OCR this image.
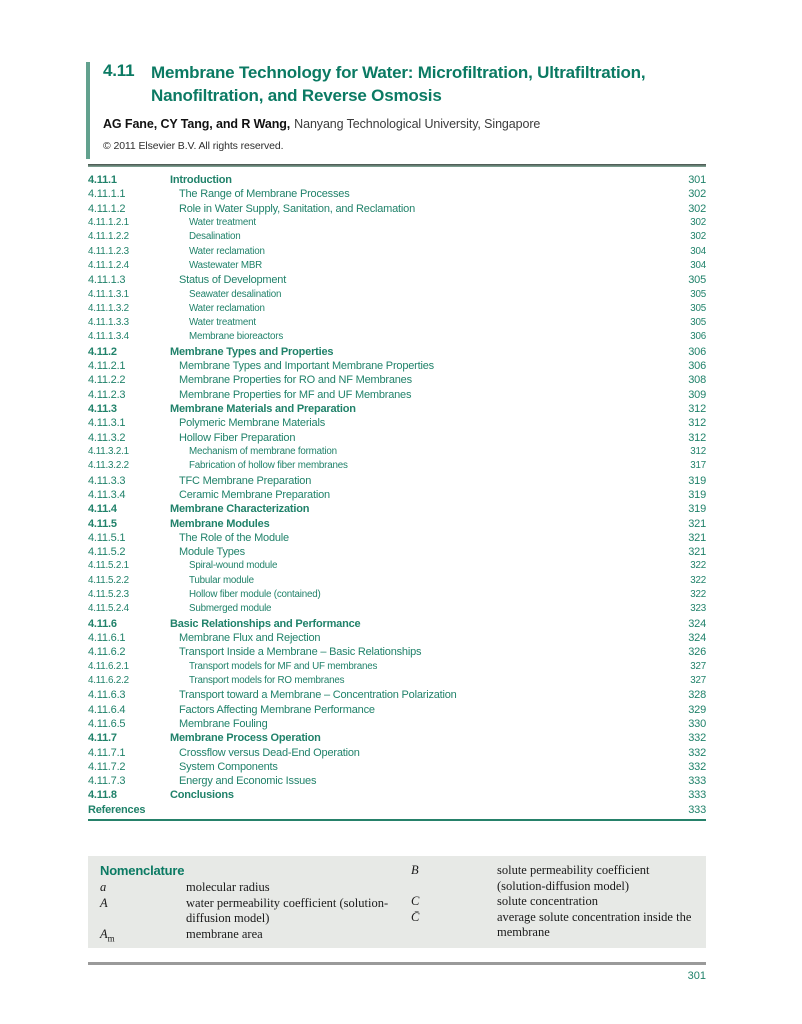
4.11 Membrane Technology for Water: Microfiltration, Ultrafiltration,
Nanofiltration, and Reverse Osmosis
AG Fane, CY Tang, and R Wang, Nanyang Technological University, Singapore
© 2011 Elsevier B.V. All rights reserved.
4.11.1	Introduction	301
4.11.1.1	The Range of Membrane Processes	302
4.11.1.2	Role in Water Supply, Sanitation, and Reclamation	302
4.11.1.2.1	Water treatment	302
4.11.1.2.2	Desalination	302
4.11.1.2.3	Water reclamation	304
4.11.1.2.4	Wastewater MBR	304
4.11.1.3	Status of Development	305
4.11.1.3.1	Seawater desalination	305
4.11.1.3.2	Water reclamation	305
4.11.1.3.3	Water treatment	305
4.11.1.3.4	Membrane bioreactors	306
4.11.2	Membrane Types and Properties	306
4.11.2.1	Membrane Types and Important Membrane Properties	306
4.11.2.2	Membrane Properties for RO and NF Membranes	308
4.11.2.3	Membrane Properties for MF and UF Membranes	309
4.11.3	Membrane Materials and Preparation	312
4.11.3.1	Polymeric Membrane Materials	312
4.11.3.2	Hollow Fiber Preparation	312
4.11.3.2.1	Mechanism of membrane formation	312
4.11.3.2.2	Fabrication of hollow fiber membranes	317
4.11.3.3	TFC Membrane Preparation	319
4.11.3.4	Ceramic Membrane Preparation	319
4.11.4	Membrane Characterization	319
4.11.5	Membrane Modules	321
4.11.5.1	The Role of the Module	321
4.11.5.2	Module Types	321
4.11.5.2.1	Spiral-wound module	322
4.11.5.2.2	Tubular module	322
4.11.5.2.3	Hollow fiber module (contained)	322
4.11.5.2.4	Submerged module	323
4.11.6	Basic Relationships and Performance	324
4.11.6.1	Membrane Flux and Rejection	324
4.11.6.2	Transport Inside a Membrane – Basic Relationships	326
4.11.6.2.1	Transport models for MF and UF membranes	327
4.11.6.2.2	Transport models for RO membranes	327
4.11.6.3	Transport toward a Membrane – Concentration Polarization	328
4.11.6.4	Factors Affecting Membrane Performance	329
4.11.6.5	Membrane Fouling	330
4.11.7	Membrane Process Operation	332
4.11.7.1	Crossflow versus Dead-End Operation	332
4.11.7.2	System Components	332
4.11.7.3	Energy and Economic Issues	333
4.11.8	Conclusions	333
References	333
Nomenclature
a	molecular radius
A	water permeability coefficient (solution-diffusion model)
$A_m$	membrane area
B	solute permeability coefficient (solution-diffusion model)
C	solute concentration
C̄	average solute concentration inside the membrane
301
